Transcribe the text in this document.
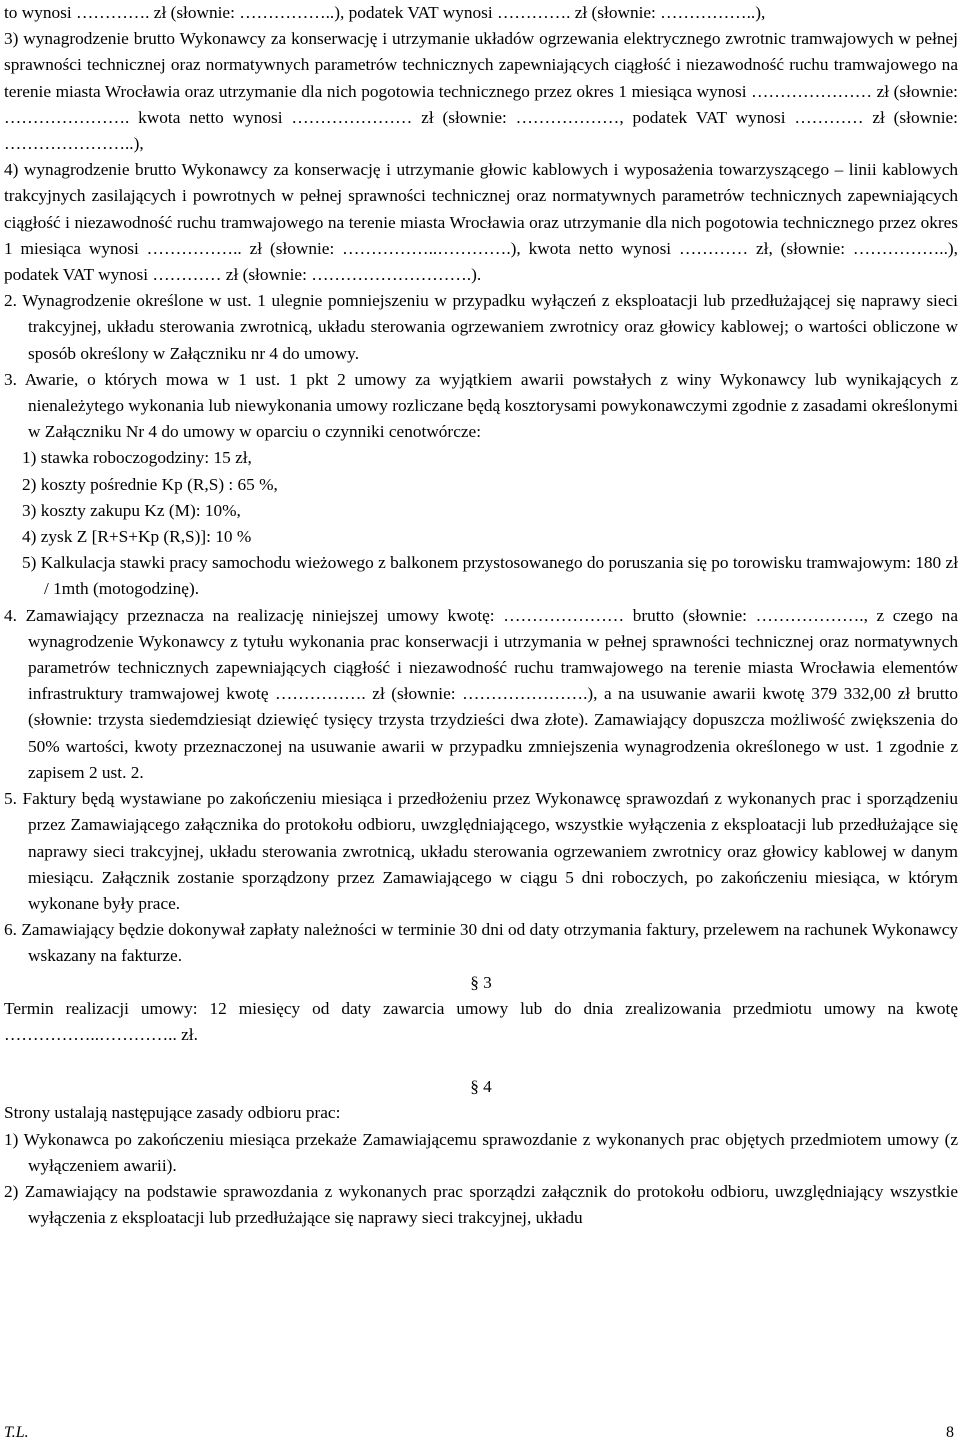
to wynosi …………. zł (słownie: ……………..), podatek VAT wynosi …………. zł (słownie: ……………..),

3) wynagrodzenie brutto Wykonawcy za konserwację i utrzymanie układów ogrzewania elektrycznego zwrotnic tramwajowych w pełnej sprawności technicznej oraz normatywnych parametrów technicznych zapewniających ciągłość i niezawodność ruchu tramwajowego na terenie miasta Wrocławia oraz utrzymanie dla nich pogotowia technicznego przez okres 1 miesiąca wynosi ………………… zł (słownie: …………………. kwota netto wynosi ………………… zł (słownie: ………………, podatek VAT wynosi ………… zł (słownie: …………………..),

4) wynagrodzenie brutto Wykonawcy za konserwację i utrzymanie głowic kablowych i wyposażenia towarzyszącego – linii kablowych trakcyjnych zasilających i powrotnych w pełnej sprawności technicznej oraz normatywnych parametrów technicznych zapewniających ciągłość i niezawodność ruchu tramwajowego na terenie miasta Wrocławia oraz utrzymanie dla nich pogotowia technicznego przez okres 1 miesiąca wynosi …………….. zł (słownie: ……………..………….), kwota netto wynosi ………… zł, (słownie: ……………..), podatek VAT wynosi ………… zł (słownie: ……………………….).

2. Wynagrodzenie określone w ust. 1 ulegnie pomniejszeniu w przypadku wyłączeń z eksploatacji lub przedłużającej się naprawy sieci trakcyjnej, układu sterowania zwrotnicą, układu sterowania ogrzewaniem zwrotnicy oraz głowicy kablowej; o wartości obliczone w sposób określony w Załączniku nr 4 do umowy.

3. Awarie, o których mowa w 1 ust. 1 pkt 2 umowy za wyjątkiem awarii powstałych z winy Wykonawcy lub wynikających z nienależytego wykonania lub niewykonania umowy rozliczane będą kosztorysami powykonawczymi zgodnie z zasadami określonymi w Załączniku Nr 4 do umowy w oparciu o czynniki cenotwórcze:

1) stawka roboczogodziny: 15 zł,

2) koszty pośrednie Kp (R,S) : 65 %,

3) koszty zakupu Kz (M): 10%,

4) zysk Z [R+S+Kp (R,S)]: 10 %

5) Kalkulacja stawki pracy samochodu wieżowego z balkonem przystosowanego do poruszania się po torowisku tramwajowym: 180 zł / 1mth (motogodzinę).

4. Zamawiający przeznacza na realizację niniejszej umowy kwotę: ………………… brutto (słownie: ………………., z czego na wynagrodzenie Wykonawcy z tytułu wykonania prac konserwacji i utrzymania w pełnej sprawności technicznej oraz normatywnych parametrów technicznych zapewniających ciągłość i niezawodność ruchu tramwajowego na terenie miasta Wrocławia elementów infrastruktury tramwajowej kwotę ……………. zł (słownie: ………………….), a na usuwanie awarii kwotę 379 332,00 zł brutto (słownie: trzysta siedemdziesiąt dziewięć tysięcy trzysta trzydzieści dwa złote). Zamawiający dopuszcza możliwość zwiększenia do 50% wartości, kwoty przeznaczonej na usuwanie awarii w przypadku zmniejszenia wynagrodzenia określonego w ust. 1 zgodnie z zapisem 2 ust. 2.

5. Faktury będą wystawiane po zakończeniu miesiąca i przedłożeniu przez Wykonawcę sprawozdań z wykonanych prac i sporządzeniu przez Zamawiającego załącznika do protokołu odbioru, uwzględniającego, wszystkie wyłączenia z eksploatacji lub przedłużające się naprawy sieci trakcyjnej, układu sterowania zwrotnicą, układu sterowania ogrzewaniem zwrotnicy oraz głowicy kablowej w danym miesiącu. Załącznik zostanie sporządzony przez Zamawiającego w ciągu 5 dni roboczych, po zakończeniu miesiąca, w którym wykonane były prace.

6. Zamawiający będzie dokonywał zapłaty należności w terminie 30 dni od daty otrzymania faktury, przelewem na rachunek Wykonawcy wskazany na fakturze.

§ 3

Termin realizacji umowy: 12 miesięcy od daty zawarcia umowy lub do dnia zrealizowania przedmiotu umowy na kwotę ……………..………….. zł.

§ 4

Strony ustalają następujące zasady odbioru prac:

1) Wykonawca po zakończeniu miesiąca przekaże Zamawiającemu sprawozdanie z wykonanych prac objętych przedmiotem umowy (z wyłączeniem awarii).

2) Zamawiający na podstawie sprawozdania z wykonanych prac sporządzi załącznik do protokołu odbioru, uwzględniający wszystkie wyłączenia z eksploatacji lub przedłużające się naprawy sieci trakcyjnej, układu

T.L.	8
